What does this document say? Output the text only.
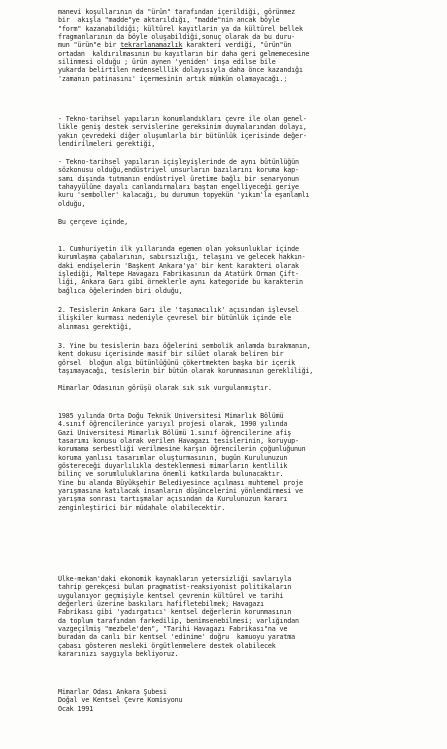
manevi koşullarının da "ürün" tarafından içerildiği, görünmez
bir  akışla "madde"ye aktarıldığı, "madde"nin ancak böyle
"form" kazanabildiği; kültürel kayıtlarin ya da kültürel bellek
fragmanlarının da böyle oluşabildiği,sonuç olarak da bu duru-
mun "ürün"e bir tekrarlanamazlık karakteri verdiği, "ürün"ün
ortadan  kaldırılmasının bu kayıtların bir daha geri gelmemecesine
silinmesi olduğu ; ürün aynen 'yeniden' inşa edilse bile
yukarda belirtilen nedenselllik dolayısıyla daha önce kazandığı
'zamanın patinasını' içermesinin artık mümkün olamayacağı.;
- Tekno-tarihsel yapıların konumlandıkları çevre ile olan genel-
likle geniş destek servislerine gereksinim duymalarından dolayı,
yakın çevredeki diğer oluşumlarla bir bütünlük içerisinde değer-
lendirilmeleri gerektiği,
- Tekno-tarihsel yapıların içişleyişlerinde de aynı bütünlüğün
sözkonusu olduğu,endüstriyel unsurların bazılarını koruma kap-
samı dışında tutmanın endüstriyel üretime bağlı bir senaryonun
tahayyülüne dayalı canlandırmaları baştan engelliyeceği geriye
kuru 'semboller' kalacağı, bu durumun topyekün 'yıkım'la eşanlamlı
olduğu,
Bu çerçeve içinde,
1. Cumhuriyetin ilk yıllarında egemen olan yoksunluklar içinde
kurumlaşma çabalarının, sabırsızlığı, telaşını ve gelecek hakkın-
daki endişelerin 'Başkent Ankara'ya' bir kent karakteri olarak
işlediği, Maltepe Havagazı Fabrikasının da Atatürk Orman Çift-
liği, Ankara Garı gibi örneklerle aynı kategoride bu karakterin
bağlıca öğelerinden biri olduğu,
2. Tesislerin Ankara Garı ile 'taşımacılık' açısından işlevsel
ilişkiler kurması nedeniyle çevresel bir bütünlük içinde ele
alınması gerektiği,
3. Yine bu tesislerin bazı öğelerini sembolik anlamda bırakmanın,
kent dokusu içerisinde masif bir silüet olarak beliren bir
görsel  bloğun algı bütünlüğünü çökertmekten başka bir içerik
taşımayacağı, tesislerin bir bütün olarak korunmasının gerekliliği,
Mimarlar Odasının görüşü olarak sık sık vurgulanmıştır.
1985 yılında Orta Doğu Teknik Üniversitesi Mimarlık Bölümü
4.sınıf öğrencilerince yarıyıl projesi olarak, 1990 yılında
Gazi Üniversitesi Mimarlık Bölümü 1.sınıf öğrencilerine afiş
tasarımı konusu olarak verilen Havagazı tesislerinin, koruyup-
korumama serbestliği verilmesine karşın öğrencilerin çoğunluğunun
koruma yanlısı tasarımlar oluşturmasının, bugün Kurulunuzun
göstereceği duyarlılıkla desteklenmesi mimarların kentlilik
bilinç ve sorumluluklarına önemli katkılarda bulunacaktır.
Yine bu alanda Büyükşehir Belediyesince açılması muhtemel proje
yarışmasına katılacak insanların düşüncelerini yönlendirmesi ve
yarışma sonrası tartışmalar açısından da Kurulunuzun kararı
zenginleştirici bir müdahale olabilecektir.
Ülke-mekan'daki ekonomik kaynakların yetersizliği savlarıyla
tahrip gerekçesi bulan pragmatist-reaksiyonist politikaların
uygulanıyor geçmişiyle kentsel çevrenin kültürel ve tarihi
değerleri üzerine baskıları hafifletebilmek; Havagazı
Fabrikası gibi 'yadırgatıcı' kentsel değerlerin korunmasının
da toplum tarafından farkedilip, benimsenebilmesi; varlığından
vazgeçilmiş "mezbele'den", "Tarihi Havagazı Fabrikası"na ve
buradan da canlı bir kentsel 'edinime' doğru  kamuoyu yaratma
çabası gösteren mesleki örgütlenmelere destek olabilecek
kararınızı saygıyla bekliyoruz.
Mimarlar Odası Ankara Şubesi
Doğal ve Kentsel Çevre Komisyonu
Ocak 1991
